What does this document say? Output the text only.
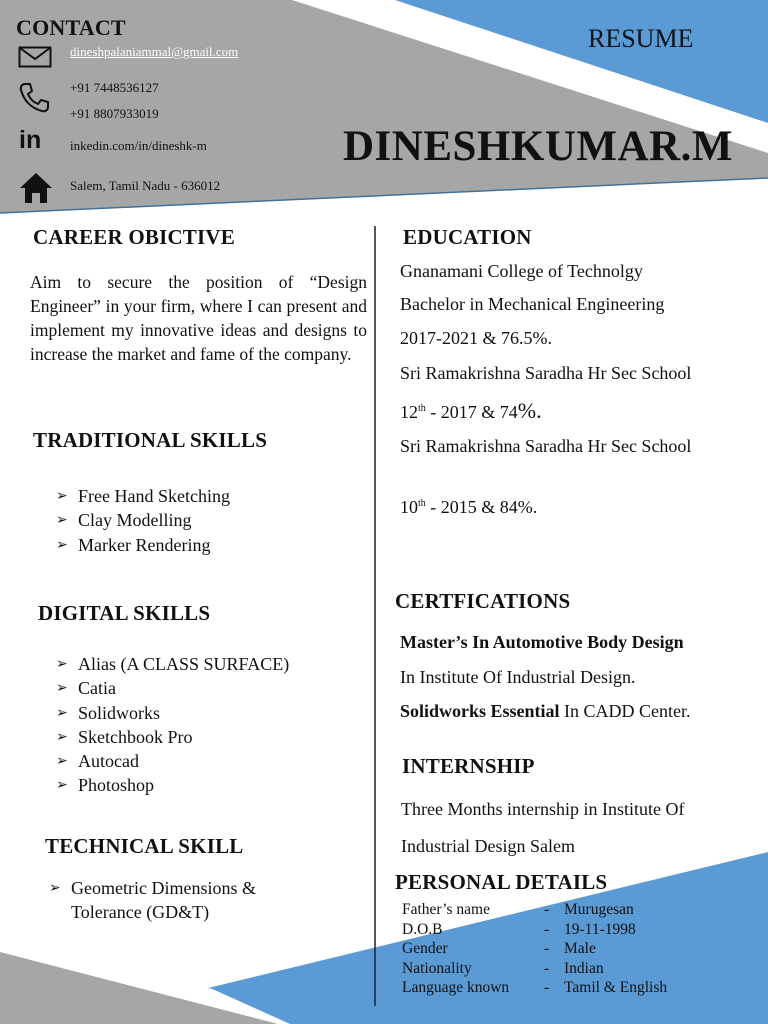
CONTACT
dineshpalaniammal@gmail.com
+91 7448536127
+91 8807933019
in inkedin.com/in/dineshk-m
Salem, Tamil Nadu - 636012
RESUME
DINESHKUMAR.M
CAREER OBICTIVE
Aim to secure the position of “Design Engineer” in your firm, where I can present and implement my innovative ideas and designs to increase the market and fame of the company.
TRADITIONAL SKILLS
➢ Free Hand Sketching
➢ Clay Modelling
➢ Marker Rendering
DIGITAL SKILLS
➢ Alias (A CLASS SURFACE)
➢ Catia
➢ Solidworks
➢ Sketchbook Pro
➢ Autocad
➢ Photoshop
TECHNICAL SKILL
➢ Geometric Dimensions & Tolerance (GD&T)
EDUCATION
Gnanamani College of Technolgy
Bachelor in Mechanical Engineering
2017-2021 & 76.5%.
Sri Ramakrishna Saradha Hr Sec School
12th - 2017 & 74%.
Sri Ramakrishna Saradha Hr Sec School
10th - 2015 & 84%.
CERTFICATIONS
Master’s In Automotive Body Design
In Institute Of Industrial Design.
Solidworks Essential In CADD Center.
INTERNSHIP
Three Months internship in Institute Of
Industrial Design Salem
PERSONAL DETAILS
Father’s name	-	Murugesan
D.O.B	-	19-11-1998
Gender	-	Male
Nationality	-	Indian
Language known	-	Tamil & English
